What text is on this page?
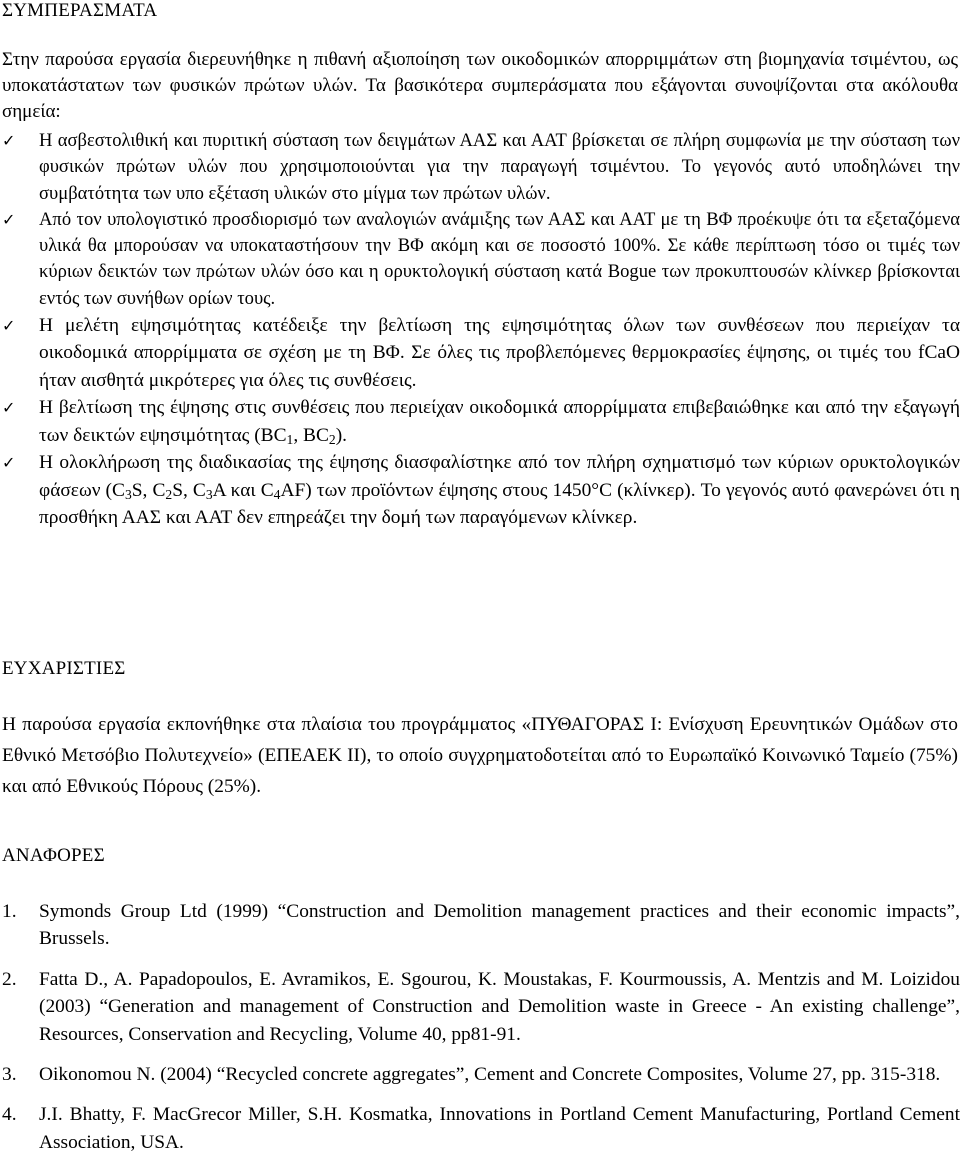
ΣΥΜΠΕΡΑΣΜΑΤΑ

Στην παρούσα εργασία διερευνήθηκε η πιθανή αξιοποίηση των οικοδομικών απορριμμάτων στη βιομηχανία τσιμέντου, ως υποκατάστατων των φυσικών πρώτων υλών. Τα βασικότερα συμπεράσματα που εξάγονται συνοψίζονται στα ακόλουθα σημεία:

✓ Η ασβεστολιθική και πυριτική σύσταση των δειγμάτων ΑΑΣ και ΑΑΤ βρίσκεται σε πλήρη συμφωνία με την σύσταση των φυσικών πρώτων υλών που χρησιμοποιούνται για την παραγωγή τσιμέντου. Το γεγονός αυτό υποδηλώνει την συμβατότητα των υπο εξέταση υλικών στο μίγμα των πρώτων υλών.
✓ Από τον υπολογιστικό προσδιορισμό των αναλογιών ανάμιξης των ΑΑΣ και ΑΑΤ με τη ΒΦ προέκυψε ότι τα εξεταζόμενα υλικά θα μπορούσαν να υποκαταστήσουν την ΒΦ ακόμη και σε ποσοστό 100%. Σε κάθε περίπτωση τόσο οι τιμές των κύριων δεικτών των πρώτων υλών όσο και η ορυκτολογική σύσταση κατά Bogue των προκυπτουσών κλίνκερ βρίσκονται εντός των συνήθων ορίων τους.
✓ Η μελέτη εψησιμότητας κατέδειξε την βελτίωση της εψησιμότητας όλων των συνθέσεων που περιείχαν τα οικοδομικά απορρίμματα σε σχέση με τη ΒΦ. Σε όλες τις προβλεπόμενες θερμοκρασίες έψησης, οι τιμές του fCaO ήταν αισθητά μικρότερες για όλες τις συνθέσεις.
✓ Η βελτίωση της έψησης στις συνθέσεις που περιείχαν οικοδομικά απορρίμματα επιβεβαιώθηκε και από την εξαγωγή των δεικτών εψησιμότητας ($BC_1$, $BC_2$).
✓ Η ολοκλήρωση της διαδικασίας της έψησης διασφαλίστηκε από τον πλήρη σχηματισμό των κύριων ορυκτολογικών φάσεων ($C_3S$, $C_2S$, $C_3A$ και $C_4AF$) των προϊόντων έψησης στους 1450°C (κλίνκερ). Το γεγονός αυτό φανερώνει ότι η προσθήκη ΑΑΣ και ΑΑΤ δεν επηρεάζει την δομή των παραγόμενων κλίνκερ.
ΕΥΧΑΡΙΣΤΙΕΣ

Η παρούσα εργασία εκπονήθηκε στα πλαίσια του προγράμματος «ΠΥΘΑΓΟΡΑΣ Ι: Ενίσχυση Ερευνητικών Ομάδων στο Εθνικό Μετσόβιο Πολυτεχνείο» (ΕΠΕΑΕΚ ΙΙ), το οποίο συγχρηματοδοτείται από το Ευρωπαϊκό Κοινωνικό Ταμείο (75%) και από Εθνικούς Πόρους (25%).

ΑΝΑΦΟΡΕΣ
1. Symonds Group Ltd (1999) “Construction and Demolition management practices and their economic impacts”, Brussels.
2. Fatta D., A. Papadopoulos, E. Avramikos, E. Sgourou, K. Moustakas, F. Kourmoussis, A. Mentzis and M. Loizidou (2003) “Generation and management of Construction and Demolition waste in Greece - An existing challenge”, Resources, Conservation and Recycling, Volume 40, pp81-91.
3. Oikonomou N. (2004) “Recycled concrete aggregates”, Cement and Concrete Composites, Volume 27, pp. 315-318.
4. J.I. Bhatty, F. MacGrecor Miller, S.H. Kosmatka, Innovations in Portland Cement Manufacturing, Portland Cement Association, USA.
